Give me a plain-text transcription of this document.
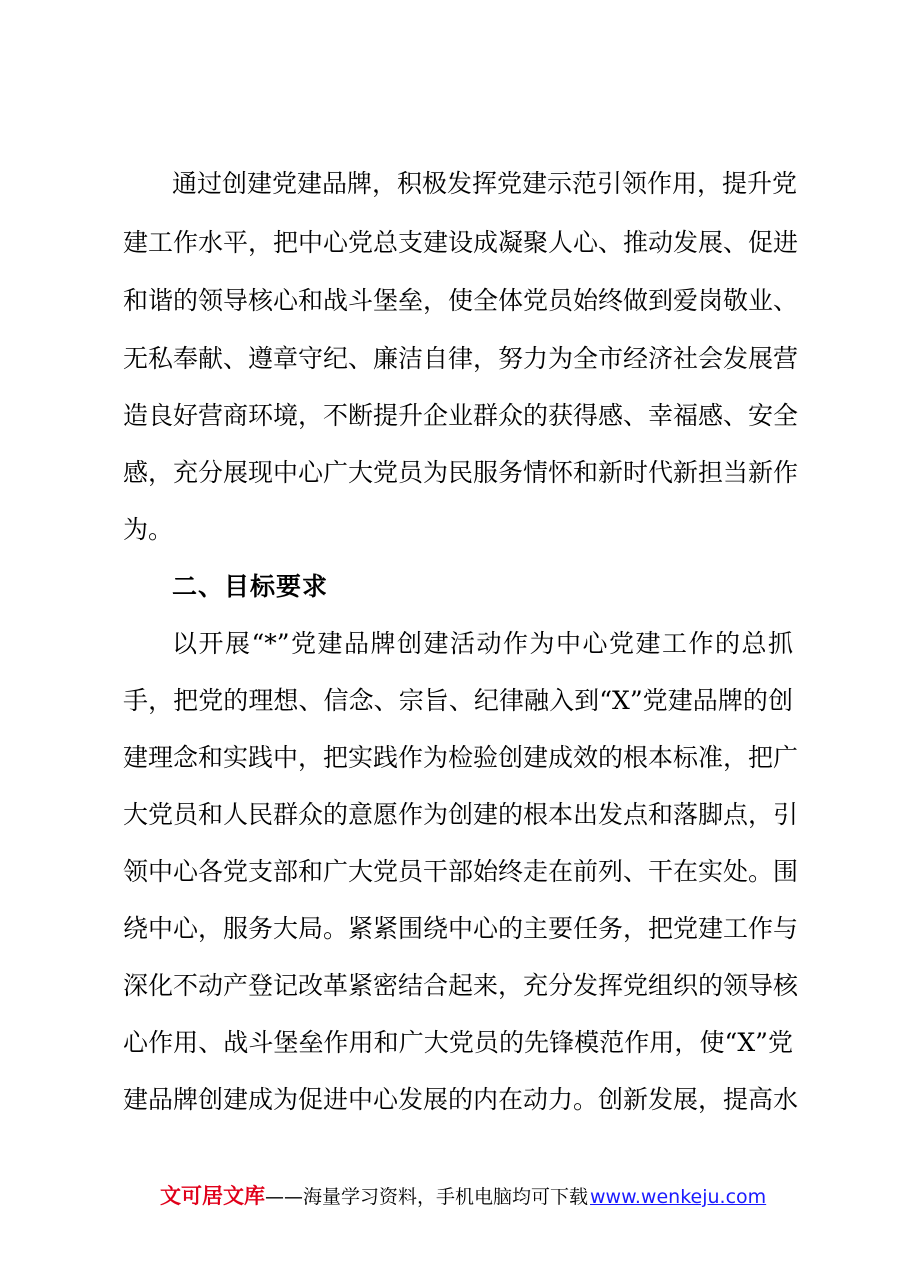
通过创建党建品牌，积极发挥党建示范引领作用，提升党
建工作水平，把中心党总支建设成凝聚人心、推动发展、促进
和谐的领导核心和战斗堡垒，使全体党员始终做到爱岗敬业、
无私奉献、遵章守纪、廉洁自律，努力为全市经济社会发展营
造良好营商环境，不断提升企业群众的获得感、幸福感、安全
感，充分展现中心广大党员为民服务情怀和新时代新担当新作
为。
二、目标要求
以开展“*”党建品牌创建活动作为中心党建工作的总抓
手，把党的理想、信念、宗旨、纪律融入到“X”党建品牌的创
建理念和实践中，把实践作为检验创建成效的根本标准，把广
大党员和人民群众的意愿作为创建的根本出发点和落脚点，引
领中心各党支部和广大党员干部始终走在前列、干在实处。围
绕中心，服务大局。紧紧围绕中心的主要任务，把党建工作与
深化不动产登记改革紧密结合起来，充分发挥党组织的领导核
心作用、战斗堡垒作用和广大党员的先锋模范作用，使“X”党
建品牌创建成为促进中心发展的内在动力。创新发展，提高水
文可居文库——海量学习资料，手机电脑均可下载 www.wenkeju.com
